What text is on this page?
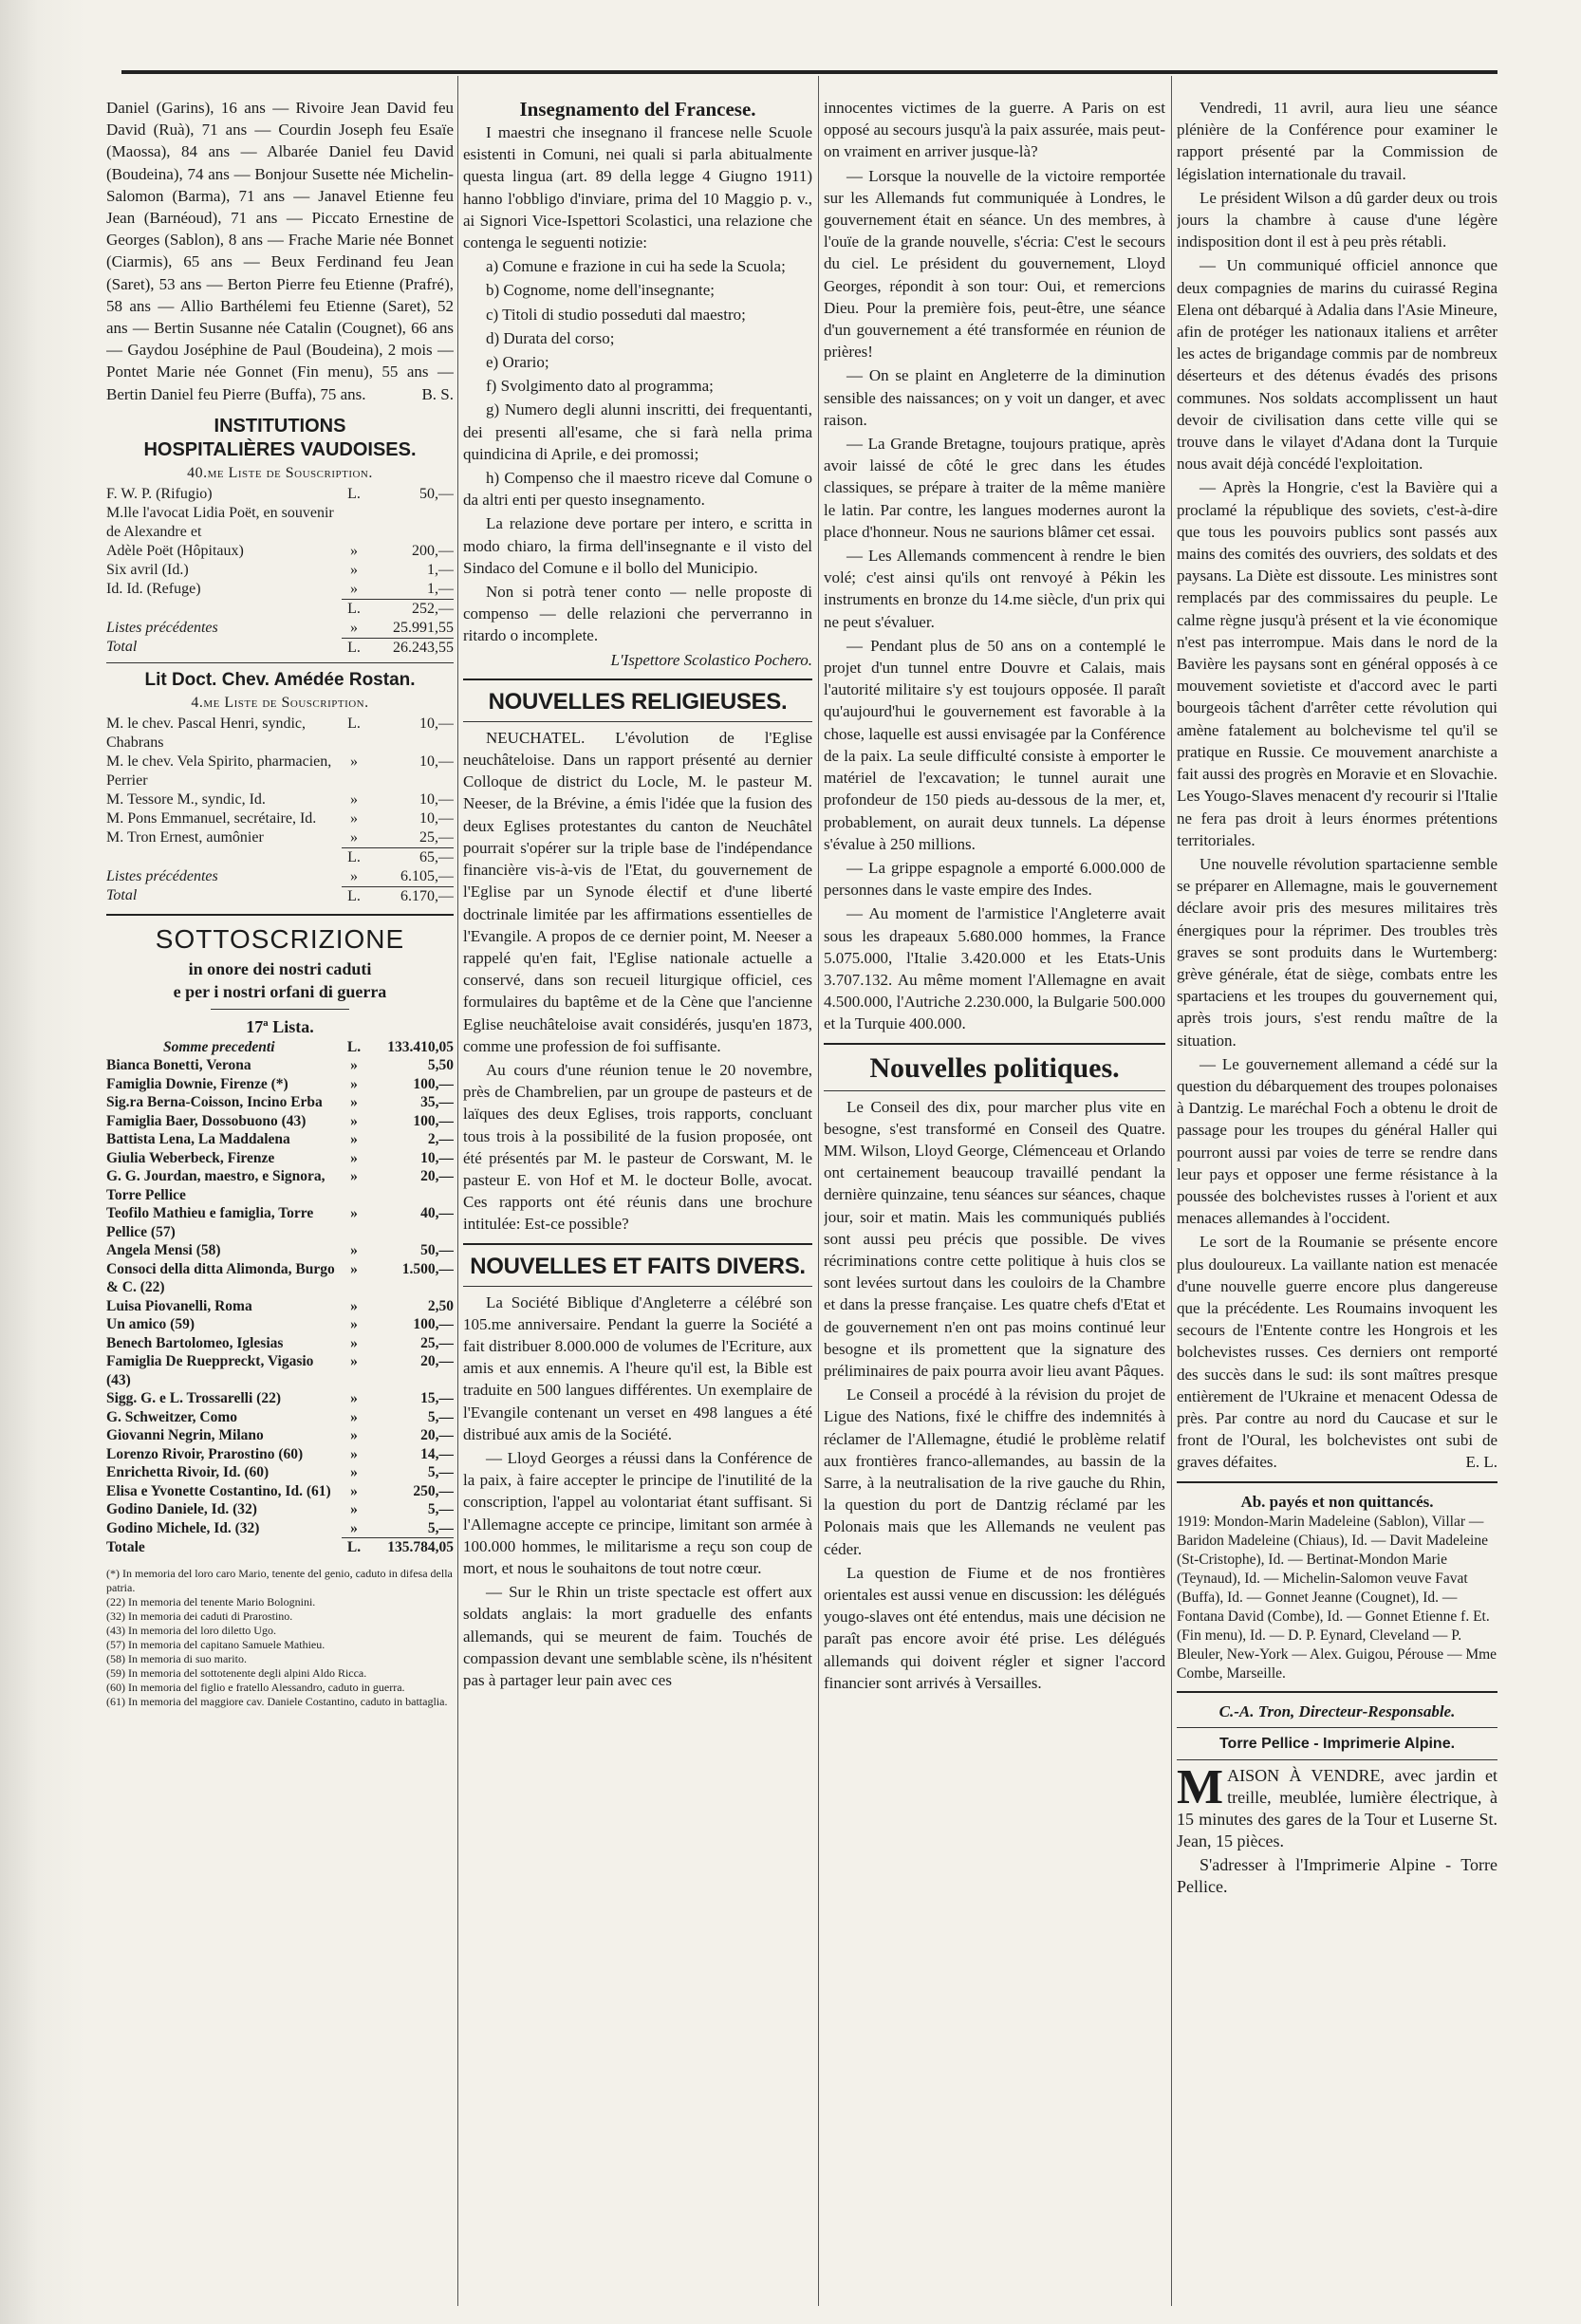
Daniel (Garins), 16 ans — Rivoire Jean David feu David (Ruà), 71 ans — Courdin Joseph feu Esaïe (Maossa), 84 ans — Albarée Daniel feu David (Boudeina), 74 ans — Bonjour Susette née Michelin-Salomon (Barma), 71 ans — Janavel Etienne feu Jean (Barnéoud), 71 ans — Piccato Ernestine de Georges (Sablon), 8 ans — Frache Marie née Bonnet (Ciarmis), 65 ans — Beux Ferdinand feu Jean (Saret), 53 ans — Berton Pierre feu Etienne (Prafré), 58 ans — Allio Barthélemi feu Etienne (Saret), 52 ans — Bertin Susanne née Catalin (Cougnet), 66 ans — Gaydou Joséphine de Paul (Boudeina), 2 mois — Pontet Marie née Gonnet (Fin menu), 55 ans — Bertin Daniel feu Pierre (Buffa), 75 ans.	B. S.

INSTITUTIONS
HOSPITALIÈRES VAUDOISES.
40.me Liste de Souscription.
F. W. P. (Rifugio)	L.	50,—
M.lle l'avocat Lidia Poët, en souvenir de Alexandre et		
Adèle Poët (Hôpitaux)	»	200,—
Six avril (Id.)	»	1,—
Id. Id. (Refuge)	»	1,—
	L.	252,—
Listes précédentes	»	25.991,55
Total	L.	26.243,55
Lit Doct. Chev. Amédée Rostan.
4.me Liste de Souscription.
M. le chev. Pascal Henri, syndic, Chabrans	L.	10,—
M. le chev. Vela Spirito, pharmacien, Perrier	»	10,—
M. Tessore M., syndic, Id.	»	10,—
M. Pons Emmanuel, secrétaire, Id.	»	10,—
M. Tron Ernest, aumônier	»	25,—
	L.	65,—
Listes précédentes	»	6.105,—
Total	L.	6.170,—
SOTTOSCRIZIONE
in onore dei nostri caduti
e per i nostri orfani di guerra
17ª Lista.
Somme precedenti	L.	133.410,05
Bianca Bonetti, Verona	»	5,50
Famiglia Downie, Firenze (*)	»	100,—
Sig.ra Berna-Coisson, Incino Erba	»	35,—
Famiglia Baer, Dossobuono (43)	»	100,—
Battista Lena, La Maddalena	»	2,—
Giulia Weberbeck, Firenze	»	10,—
G. G. Jourdan, maestro, e Signora, Torre Pellice	»	20,—
Teofilo Mathieu e famiglia, Torre Pellice (57)	»	40,—
Angela Mensi (58)	»	50,—
Consoci della ditta Alimonda, Burgo & C. (22)	»	1.500,—
Luisa Piovanelli, Roma	»	2,50
Un amico (59)	»	100,—
Benech Bartolomeo, Iglesias	»	25,—
Famiglia De Rueppreckt, Vigasio (43)	»	20,—
Sigg. G. e L. Trossarelli (22)	»	15,—
G. Schweitzer, Como	»	5,—
Giovanni Negrin, Milano	»	20,—
Lorenzo Rivoir, Prarostino (60)	»	14,—
Enrichetta Rivoir, Id. (60)	»	5,—
Elisa e Yvonette Costantino, Id. (61)	»	250,—
Godino Daniele, Id. (32)	»	5,—
Godino Michele, Id. (32)	»	5,—
Totale	L.	135.784,05
(*) In memoria del loro caro Mario, tenente del genio, caduto in difesa della patria.
(22) In memoria del tenente Mario Bolognini.
(32) In memoria dei caduti di Prarostino.
(43) In memoria del loro diletto Ugo.
(57) In memoria del capitano Samuele Mathieu.
(58) In memoria di suo marito.
(59) In memoria del sottotenente degli alpini Aldo Ricca.
(60) In memoria del figlio e fratello Alessandro, caduto in guerra.
(61) In memoria del maggiore cav. Daniele Costantino, caduto in battaglia.
Insegnamento del Francese.

I maestri che insegnano il francese nelle Scuole esistenti in Comuni, nei quali si parla abitualmente questa lingua (art. 89 della legge 4 Giugno 1911) hanno l'obbligo d'inviare, prima del 10 Maggio p. v., ai Signori Vice-Ispettori Scolastici, una relazione che contenga le seguenti notizie:

a) Comune e frazione in cui ha sede la Scuola;

b) Cognome, nome dell'insegnante;

c) Titoli di studio posseduti dal maestro;

d) Durata del corso;

e) Orario;

f) Svolgimento dato al programma;

g) Numero degli alunni inscritti, dei frequentanti, dei presenti all'esame, che si farà nella prima quindicina di Aprile, e dei promossi;

h) Compenso che il maestro riceve dal Comune o da altri enti per questo insegnamento.

La relazione deve portare per intero, e scritta in modo chiaro, la firma dell'insegnante e il visto del Sindaco del Comune e il bollo del Municipio.

Non si potrà tener conto — nelle proposte di compenso — delle relazioni che perverranno in ritardo o incomplete.

L'Ispettore Scolastico Pochero.
NOUVELLES RELIGIEUSES.

NEUCHATEL. L'évolution de l'Eglise neuchâteloise. Dans un rapport présenté au dernier Colloque de district du Locle, M. le pasteur M. Neeser, de la Brévine, a émis l'idée que la fusion des deux Eglises protestantes du canton de Neuchâtel pourrait s'opérer sur la triple base de l'indépendance financière vis-à-vis de l'Etat, du gouvernement de l'Eglise par un Synode électif et d'une liberté doctrinale limitée par les affirmations essentielles de l'Evangile. A propos de ce dernier point, M. Neeser a rappelé qu'en fait, l'Eglise nationale actuelle a conservé, dans son recueil liturgique officiel, ces formulaires du baptême et de la Cène que l'ancienne Eglise neuchâteloise avait considérés, jusqu'en 1873, comme une profession de foi suffisante.

Au cours d'une réunion tenue le 20 novembre, près de Chambrelien, par un groupe de pasteurs et de laïques des deux Eglises, trois rapports, concluant tous trois à la possibilité de la fusion proposée, ont été présentés par M. le pasteur de Corswant, M. le pasteur E. von Hof et M. le docteur Bolle, avocat. Ces rapports ont été réunis dans une brochure intitulée: Est-ce possible?

NOUVELLES ET FAITS DIVERS.

La Société Biblique d'Angleterre a célébré son 105.me anniversaire. Pendant la guerre la Société a fait distribuer 8.000.000 de volumes de l'Ecriture, aux amis et aux ennemis. A l'heure qu'il est, la Bible est traduite en 500 langues différentes. Un exemplaire de l'Evangile contenant un verset en 498 langues a été distribué aux amis de la Société.

— Lloyd Georges a réussi dans la Conférence de la paix, à faire accepter le principe de l'inutilité de la conscription, l'appel au volontariat étant suffisant. Si l'Allemagne accepte ce principe, limitant son armée à 100.000 hommes, le militarisme a reçu son coup de mort, et nous le souhaitons de tout notre cœur.

— Sur le Rhin un triste spectacle est offert aux soldats anglais: la mort graduelle des enfants allemands, qui se meurent de faim. Touchés de compassion devant une semblable scène, ils n'hésitent pas à partager leur pain avec ces

innocentes victimes de la guerre. A Paris on est opposé au secours jusqu'à la paix assurée, mais peut-on vraiment en arriver jusque-là?

— Lorsque la nouvelle de la victoire remportée sur les Allemands fut communiquée à Londres, le gouvernement était en séance. Un des membres, à l'ouïe de la grande nouvelle, s'écria: C'est le secours du ciel. Le président du gouvernement, Lloyd Georges, répondit à son tour: Oui, et remercions Dieu. Pour la première fois, peut-être, une séance d'un gouvernement a été transformée en réunion de prières!

— On se plaint en Angleterre de la diminution sensible des naissances; on y voit un danger, et avec raison.

— La Grande Bretagne, toujours pratique, après avoir laissé de côté le grec dans les études classiques, se prépare à traiter de la même manière le latin. Par contre, les langues modernes auront la place d'honneur. Nous ne saurions blâmer cet essai.

— Les Allemands commencent à rendre le bien volé; c'est ainsi qu'ils ont renvoyé à Pékin les instruments en bronze du 14.me siècle, d'un prix qui ne peut s'évaluer.

— Pendant plus de 50 ans on a contemplé le projet d'un tunnel entre Douvre et Calais, mais l'autorité militaire s'y est toujours opposée. Il paraît qu'aujourd'hui le gouvernement est favorable à la chose, laquelle est aussi envisagée par la Conférence de la paix. La seule difficulté consiste à emporter le matériel de l'excavation; le tunnel aurait une profondeur de 150 pieds au-dessous de la mer, et, probablement, on aurait deux tunnels. La dépense s'évalue à 250 millions.

— La grippe espagnole a emporté 6.000.000 de personnes dans le vaste empire des Indes.

— Au moment de l'armistice l'Angleterre avait sous les drapeaux 5.680.000 hommes, la France 5.075.000, l'Italie 3.420.000 et les Etats-Unis 3.707.132. Au même moment l'Allemagne en avait 4.500.000, l'Autriche 2.230.000, la Bulgarie 500.000 et la Turquie 400.000.

Nouvelles politiques.

Le Conseil des dix, pour marcher plus vite en besogne, s'est transformé en Conseil des Quatre. MM. Wilson, Lloyd George, Clémenceau et Orlando ont certainement beaucoup travaillé pendant la dernière quinzaine, tenu séances sur séances, chaque jour, soir et matin. Mais les communiqués publiés sont aussi peu précis que possible. De vives récriminations contre cette politique à huis clos se sont levées surtout dans les couloirs de la Chambre et dans la presse française. Les quatre chefs d'Etat et de gouvernement n'en ont pas moins continué leur besogne et ils promettent que la signature des préliminaires de paix pourra avoir lieu avant Pâques.

Le Conseil a procédé à la révision du projet de Ligue des Nations, fixé le chiffre des indemnités à réclamer de l'Allemagne, étudié le problème relatif aux frontières franco-allemandes, au bassin de la Sarre, à la neutralisation de la rive gauche du Rhin, la question du port de Dantzig réclamé par les Polonais mais que les Allemands ne veulent pas céder.

La question de Fiume et de nos frontières orientales est aussi venue en discussion: les délégués yougo-slaves ont été entendus, mais une décision ne paraît pas encore avoir été prise. Les délégués allemands qui doivent régler et signer l'accord financier sont arrivés à Versailles.

Vendredi, 11 avril, aura lieu une séance plénière de la Conférence pour examiner le rapport présenté par la Commission de législation internationale du travail.

Le président Wilson a dû garder deux ou trois jours la chambre à cause d'une légère indisposition dont il est à peu près rétabli.

— Un communiqué officiel annonce que deux compagnies de marins du cuirassé Regina Elena ont débarqué à Adalia dans l'Asie Mineure, afin de protéger les nationaux italiens et arrêter les actes de brigandage commis par de nombreux déserteurs et des détenus évadés des prisons communes. Nos soldats accomplissent un haut devoir de civilisation dans cette ville qui se trouve dans le vilayet d'Adana dont la Turquie nous avait déjà concédé l'exploitation.

— Après la Hongrie, c'est la Bavière qui a proclamé la république des soviets, c'est-à-dire que tous les pouvoirs publics sont passés aux mains des comités des ouvriers, des soldats et des paysans. La Diète est dissoute. Les ministres sont remplacés par des commissaires du peuple. Le calme règne jusqu'à présent et la vie économique n'est pas interrompue. Mais dans le nord de la Bavière les paysans sont en général opposés à ce mouvement sovietiste et d'accord avec le parti bourgeois tâchent d'arrêter cette révolution qui amène fatalement au bolchevisme tel qu'il se pratique en Russie. Ce mouvement anarchiste a fait aussi des progrès en Moravie et en Slovachie. Les Yougo-Slaves menacent d'y recourir si l'Italie ne fera pas droit à leurs énormes prétentions territoriales.

Une nouvelle révolution spartacienne semble se préparer en Allemagne, mais le gouvernement déclare avoir pris des mesures militaires très énergiques pour la réprimer. Des troubles très graves se sont produits dans le Wurtemberg: grève générale, état de siège, combats entre les spartaciens et les troupes du gouvernement qui, après trois jours, s'est rendu maître de la situation.

— Le gouvernement allemand a cédé sur la question du débarquement des troupes polonaises à Dantzig. Le maréchal Foch a obtenu le droit de passage pour les troupes du général Haller qui pourront aussi par voies de terre se rendre dans leur pays et opposer une ferme résistance à la poussée des bolchevistes russes à l'orient et aux menaces allemandes à l'occident.

Le sort de la Roumanie se présente encore plus douloureux. La vaillante nation est menacée d'une nouvelle guerre encore plus dangereuse que la précédente. Les Roumains invoquent les secours de l'Entente contre les Hongrois et les bolchevistes russes. Ces derniers ont remporté des succès dans le sud: ils sont maîtres presque entièrement de l'Ukraine et menacent Odessa de près. Par contre au nord du Caucase et sur le front de l'Oural, les bolchevistes ont subi de graves défaites.	E. L.

Ab. payés et non quittancés.

1919: Mondon-Marin Madeleine (Sablon), Villar — Baridon Madeleine (Chiaus), Id. — Davit Madeleine (St-Cristophe), Id. — Bertinat-Mondon Marie (Teynaud), Id. — Michelin-Salomon veuve Favat (Buffa), Id. — Gonnet Jeanne (Cougnet), Id. — Fontana David (Combe), Id. — Gonnet Etienne f. Et. (Fin menu), Id. — D. P. Eynard, Cleveland — P. Bleuler, New-York — Alex. Guigou, Pérouse — Mme Combe, Marseille.

C.-A. Tron, Directeur-Responsable.
Torre Pellice - Imprimerie Alpine.
MAISON À VENDRE, avec jardin et treille, meublée, lumière électrique, à 15 minutes des gares de la Tour et Luserne St. Jean, 15 pièces.

S'adresser à l'Imprimerie Alpine - Torre Pellice.
